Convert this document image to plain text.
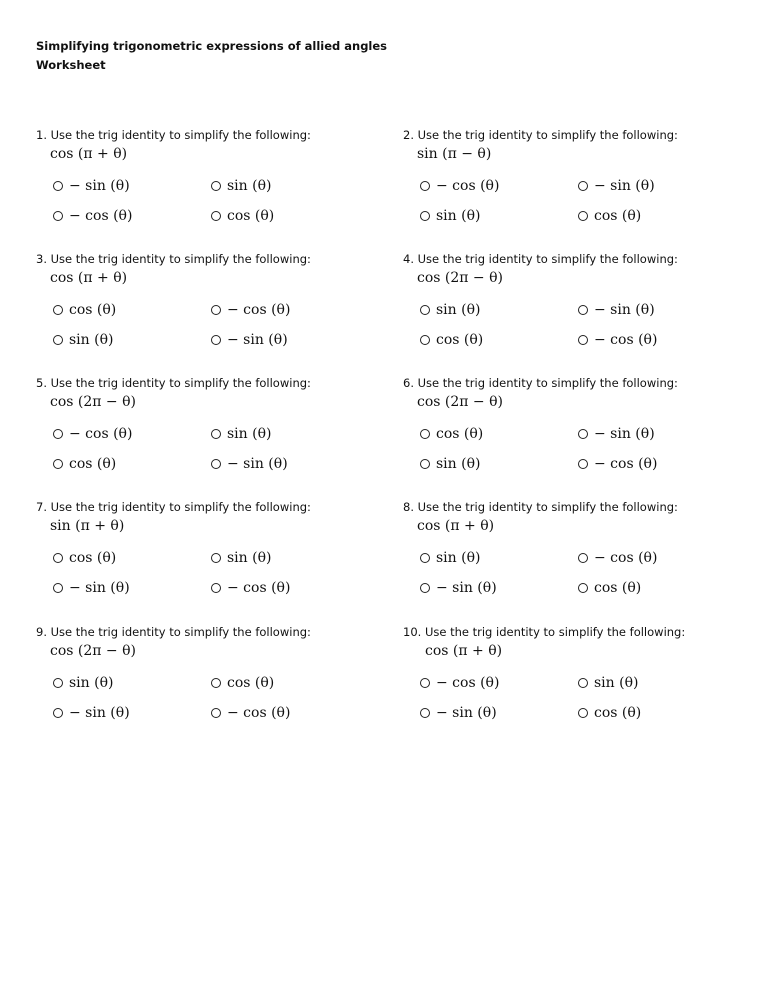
Simplifying trigonometric expressions of allied angles
Worksheet
1. Use the trig identity to simplify the following:
cos (π + θ)
− sin (θ)	sin (θ)
− cos (θ)	cos (θ)
2. Use the trig identity to simplify the following:
sin (π − θ)
− cos (θ)	− sin (θ)
sin (θ)	cos (θ)
3. Use the trig identity to simplify the following:
cos (π + θ)
cos (θ)	− cos (θ)
sin (θ)	− sin (θ)
4. Use the trig identity to simplify the following:
cos (2π − θ)
sin (θ)	− sin (θ)
cos (θ)	− cos (θ)
5. Use the trig identity to simplify the following:
cos (2π − θ)
− cos (θ)	sin (θ)
cos (θ)	− sin (θ)
6. Use the trig identity to simplify the following:
cos (2π − θ)
cos (θ)	− sin (θ)
sin (θ)	− cos (θ)
7. Use the trig identity to simplify the following:
sin (π + θ)
cos (θ)	sin (θ)
− sin (θ)	− cos (θ)
8. Use the trig identity to simplify the following:
cos (π + θ)
sin (θ)	− cos (θ)
− sin (θ)	cos (θ)
9. Use the trig identity to simplify the following:
cos (2π − θ)
sin (θ)	cos (θ)
− sin (θ)	− cos (θ)
10. Use the trig identity to simplify the following:
cos (π + θ)
− cos (θ)	sin (θ)
− sin (θ)	cos (θ)
